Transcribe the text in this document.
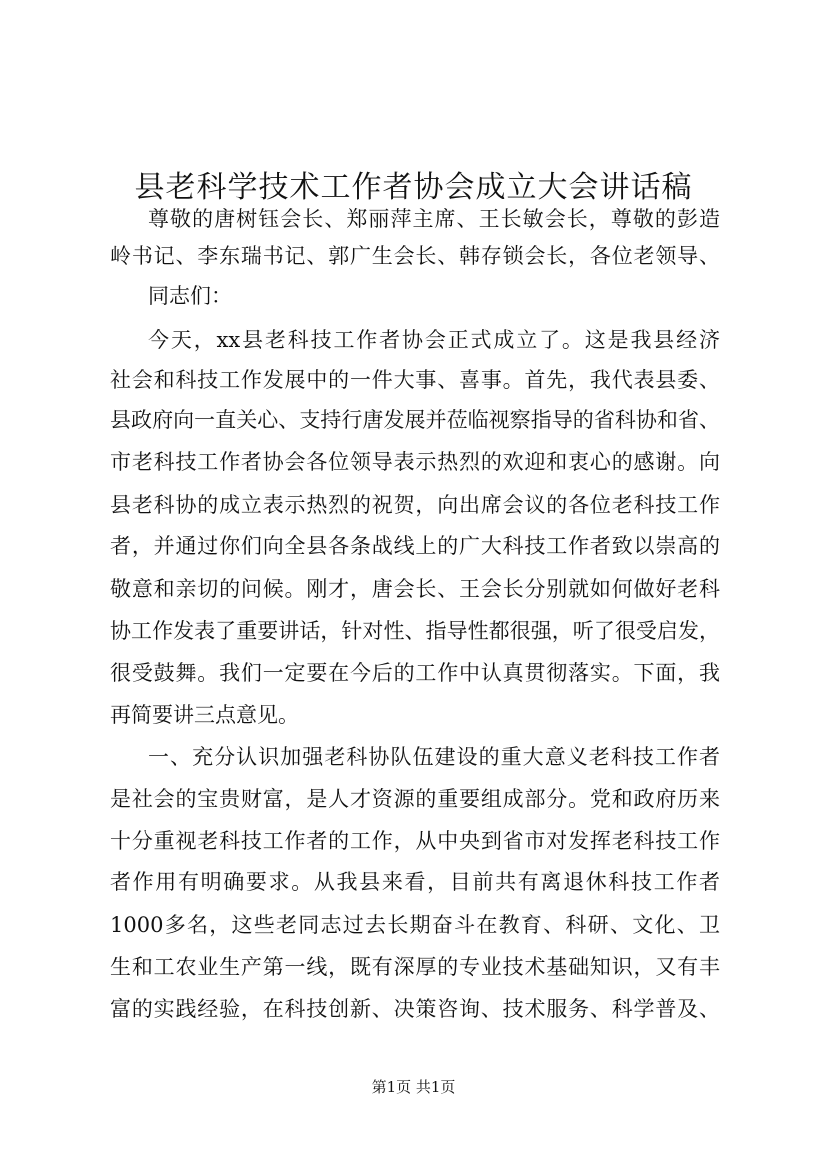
县老科学技术工作者协会成立大会讲话稿
尊敬的唐树钰会长、郑丽萍主席、王长敏会长，尊敬的彭造
岭书记、李东瑞书记、郭广生会长、韩存锁会长，各位老领导、
同志们：
今天，xx县老科技工作者协会正式成立了。这是我县经济
社会和科技工作发展中的一件大事、喜事。首先，我代表县委、
县政府向一直关心、支持行唐发展并莅临视察指导的省科协和省、
市老科技工作者协会各位领导表示热烈的欢迎和衷心的感谢。向
县老科协的成立表示热烈的祝贺，向出席会议的各位老科技工作
者，并通过你们向全县各条战线上的广大科技工作者致以崇高的
敬意和亲切的问候。刚才，唐会长、王会长分别就如何做好老科
协工作发表了重要讲话，针对性、指导性都很强，听了很受启发，
很受鼓舞。我们一定要在今后的工作中认真贯彻落实。下面，我
再简要讲三点意见。
一、充分认识加强老科协队伍建设的重大意义老科技工作者
是社会的宝贵财富，是人才资源的重要组成部分。党和政府历来
十分重视老科技工作者的工作，从中央到省市对发挥老科技工作
者作用有明确要求。从我县来看，目前共有离退休科技工作者
1000多名，这些老同志过去长期奋斗在教育、科研、文化、卫
生和工农业生产第一线，既有深厚的专业技术基础知识，又有丰
富的实践经验，在科技创新、决策咨询、技术服务、科学普及、
第1页 共1页
